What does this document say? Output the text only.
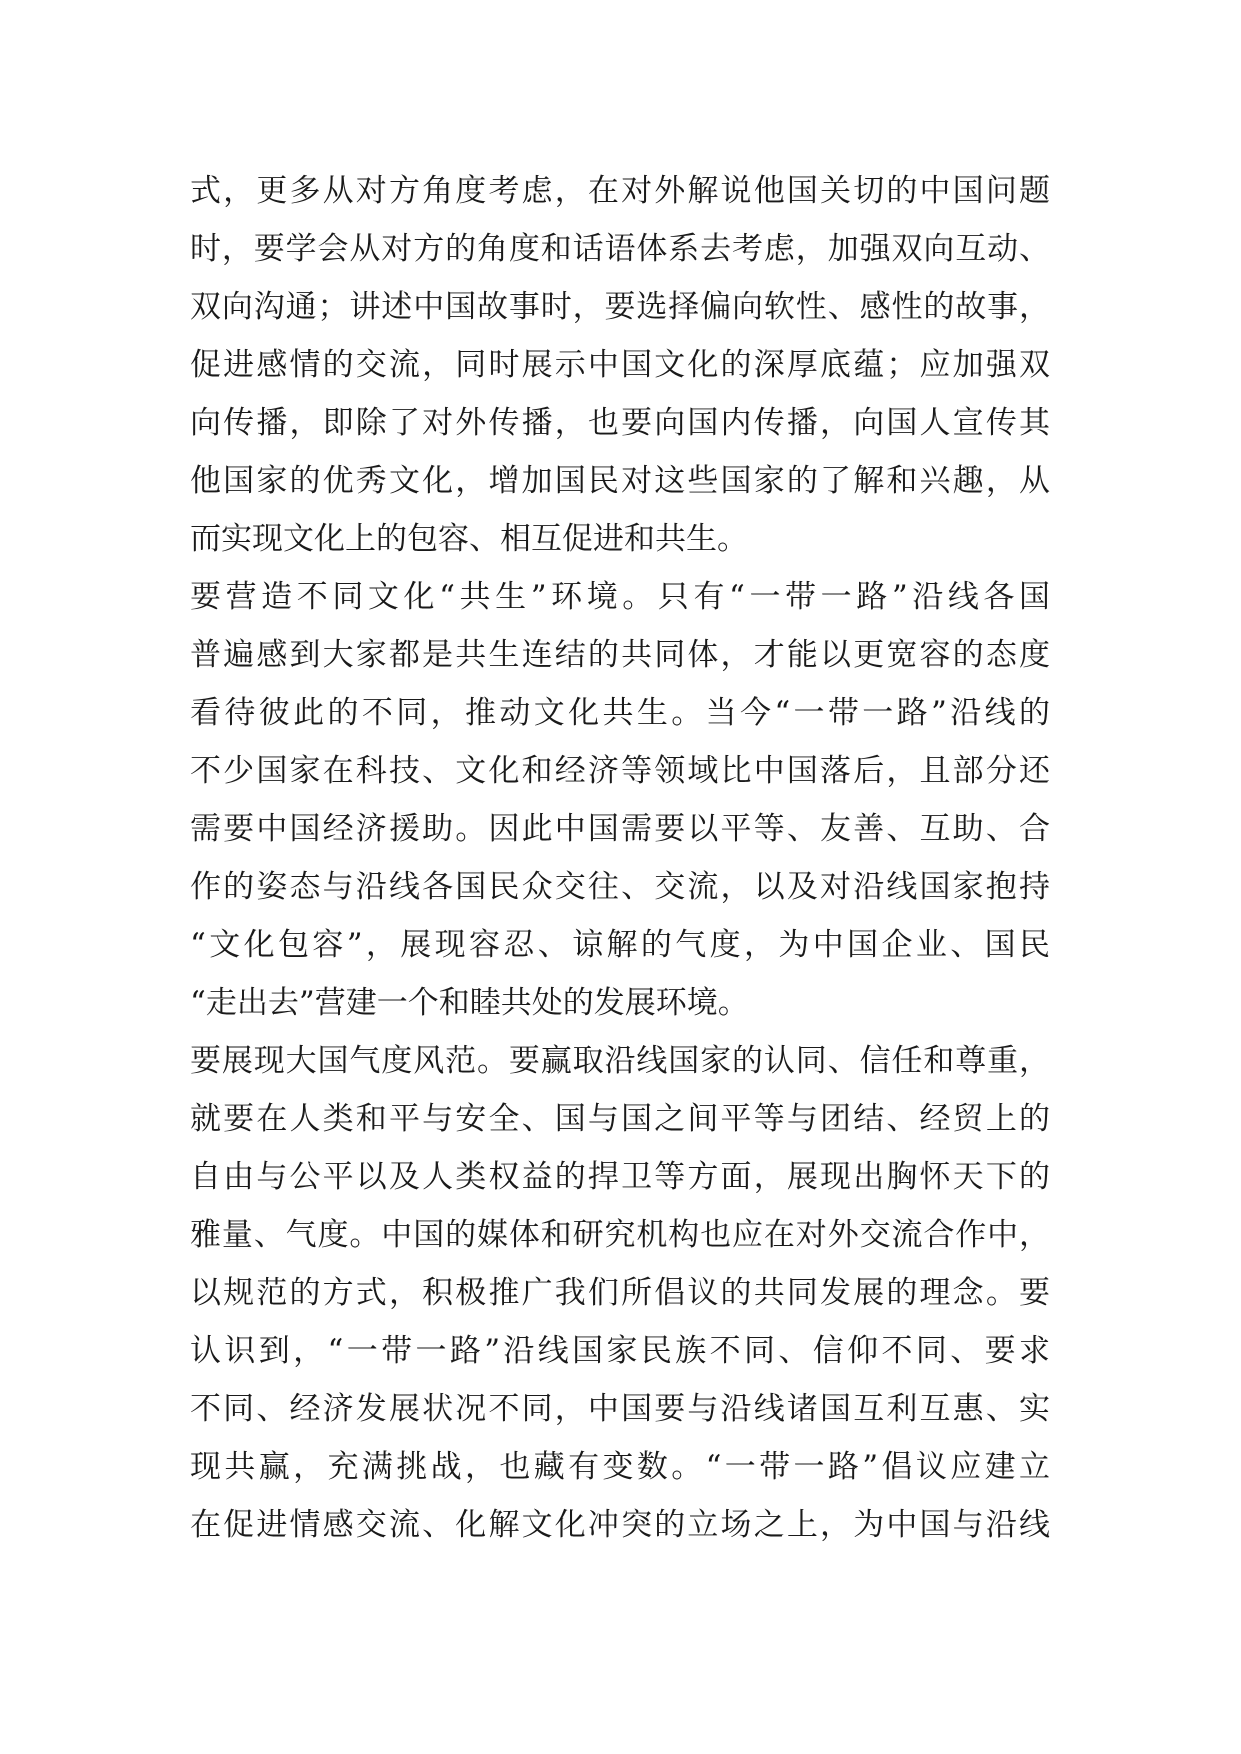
式，更多从对方角度考虑，在对外解说他国关切的中国问题
时，要学会从对方的角度和话语体系去考虑，加强双向互动、
双向沟通；讲述中国故事时，要选择偏向软性、感性的故事，
促进感情的交流，同时展示中国文化的深厚底蕴；应加强双
向传播，即除了对外传播，也要向国内传播，向国人宣传其
他国家的优秀文化，增加国民对这些国家的了解和兴趣，从
而实现文化上的包容、相互促进和共生。
要营造不同文化“共生”环境。只有“一带一路”沿线各国
普遍感到大家都是共生连结的共同体，才能以更宽容的态度
看待彼此的不同，推动文化共生。当今“一带一路”沿线的
不少国家在科技、文化和经济等领域比中国落后，且部分还
需要中国经济援助。因此中国需要以平等、友善、互助、合
作的姿态与沿线各国民众交往、交流，以及对沿线国家抱持
“文化包容”，展现容忍、谅解的气度，为中国企业、国民
“走出去”营建一个和睦共处的发展环境。
要展现大国气度风范。要赢取沿线国家的认同、信任和尊重，
就要在人类和平与安全、国与国之间平等与团结、经贸上的
自由与公平以及人类权益的捍卫等方面，展现出胸怀天下的
雅量、气度。中国的媒体和研究机构也应在对外交流合作中，
以规范的方式，积极推广我们所倡议的共同发展的理念。要
认识到，“一带一路”沿线国家民族不同、信仰不同、要求
不同、经济发展状况不同，中国要与沿线诸国互利互惠、实
现共赢，充满挑战，也藏有变数。“一带一路”倡议应建立
在促进情感交流、化解文化冲突的立场之上，为中国与沿线
